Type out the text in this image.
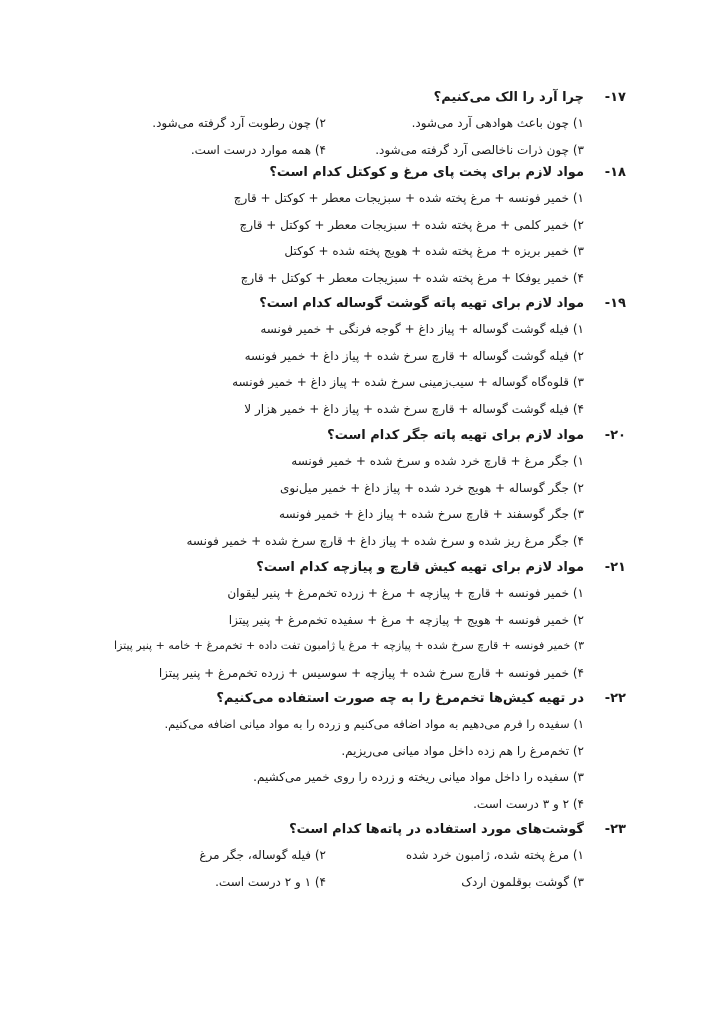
۱۷-
چرا آرد را الک می‌کنیم؟
۱) چون باعث هوادهی آرد می‌شود.
۲) چون رطوبت آرد گرفته می‌شود.
۳) چون ذرات ناخالصی آرد گرفته می‌شود.
۴) همه موارد درست است.
۱۸-
مواد لازم برای پخت پای مرغ و کوکتل کدام است؟
۱) خمیر فونسه + مرغ پخته شده + سبزیجات معطر + کوکتل + قارچ
۲) خمیر کلمی + مرغ پخته شده + سبزیجات معطر + کوکتل + قارچ
۳) خمیر بریزه + مرغ پخته شده + هویج پخته شده + کوکتل
۴) خمیر یوفکا + مرغ پخته شده + سبزیجات معطر + کوکتل + قارچ
۱۹-
مواد لازم برای تهیه پاته گوشت گوساله کدام است؟
۱) فیله گوشت گوساله + پیاز داغ + گوجه فرنگی + خمیر فونسه
۲) فیله گوشت گوساله + قارچ سرخ شده + پیاز داغ + خمیر فونسه
۳) قلوه‌گاه گوساله + سیب‌زمینی سرخ شده + پیاز داغ + خمیر فونسه
۴) فیله گوشت گوساله + قارچ سرخ شده + پیاز داغ + خمیر هزار لا
۲۰-
مواد لازم برای تهیه پاته جگر کدام است؟
۱) جگر مرغ + قارچ خرد شده و سرخ شده + خمیر فونسه
۲) جگر گوساله + هویج خرد شده + پیاز داغ + خمیر میل‌نوی
۳) جگر گوسفند + قارچ سرخ شده + پیاز داغ + خمیر فونسه
۴) جگر مرغ ریز شده و سرخ شده + پیاز داغ + قارچ سرخ شده + خمیر فونسه
۲۱-
مواد لازم برای تهیه کیش قارچ و پیازچه کدام است؟
۱) خمیر فونسه + قارچ + پیازچه + مرغ + زرده تخم‌مرغ + پنیر لیقوان
۲) خمیر فونسه + هویج + پیازچه + مرغ + سفیده تخم‌مرغ + پنیر پیتزا
۳) خمیر فونسه + قارچ سرخ شده + پیازچه + مرغ یا ژامبون تفت داده + تخم‌مرغ + خامه + پنیر پیتزا
۴) خمیر فونسه + قارچ سرخ شده + پیازچه + سوسیس + زرده تخم‌مرغ + پنیر پیتزا
۲۲-
در تهیه کیش‌ها تخم‌مرغ را به چه صورت استفاده می‌کنیم؟
۱) سفیده را فرم می‌دهیم به مواد اضافه می‌کنیم و زرده را به مواد میانی اضافه می‌کنیم.
۲) تخم‌مرغ را هم زده داخل مواد میانی می‌ریزیم.
۳) سفیده را داخل مواد میانی ریخته و زرده را روی خمیر می‌کشیم.
۴) ۲ و ۳ درست است.
۲۳-
گوشت‌های مورد استفاده در پاته‌ها کدام است؟
۱) مرغ پخته شده، ژامبون خرد شده
۲) فیله گوساله، جگر مرغ
۳) گوشت بوقلمون اردک
۴) ۱ و ۲ درست است.
